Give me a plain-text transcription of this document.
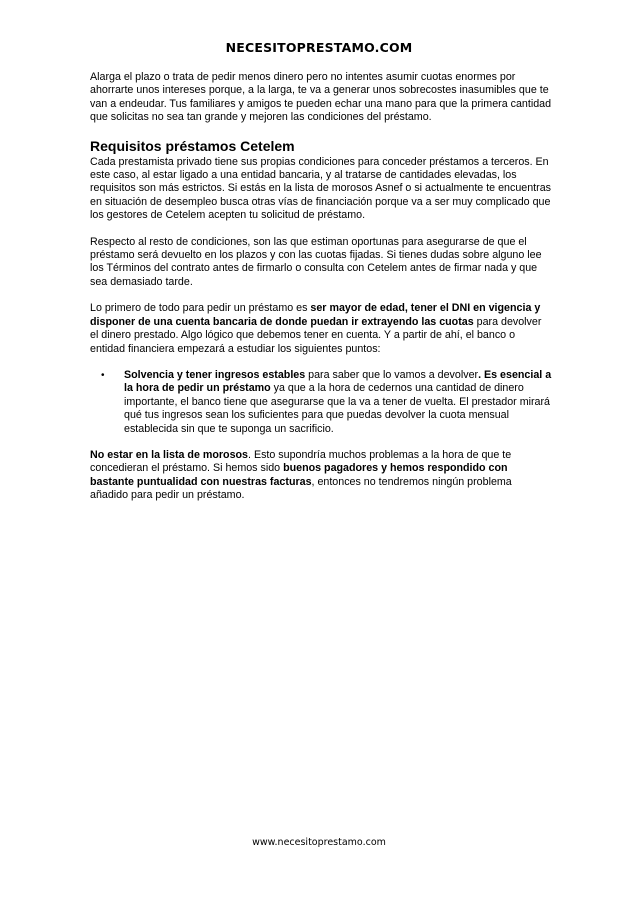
NECESITOPRESTAMO.COM

Alarga el plazo o trata de pedir menos dinero pero no intentes asumir cuotas enormes por ahorrarte unos intereses porque, a la larga, te va a generar unos sobrecostes inasumibles que te van a endeudar. Tus familiares y amigos te pueden echar una mano para que la primera cantidad que solicitas no sea tan grande y mejoren las condiciones del préstamo.

Requisitos préstamos Cetelem

Cada prestamista privado tiene sus propias condiciones para conceder préstamos a terceros. En este caso, al estar ligado a una entidad bancaria, y al tratarse de cantidades elevadas, los requisitos son más estrictos. Si estás en la lista de morosos Asnef o si actualmente te encuentras en situación de desempleo busca otras vías de financiación porque va a ser muy complicado que los gestores de Cetelem acepten tu solicitud de préstamo.

Respecto al resto de condiciones, son las que estiman oportunas para asegurarse de que el préstamo será devuelto en los plazos y con las cuotas fijadas. Si tienes dudas sobre alguno lee los Términos del contrato antes de firmarlo o consulta con Cetelem antes de firmar nada y que sea demasiado tarde.

Lo primero de todo para pedir un préstamo es ser mayor de edad, tener el DNI en vigencia y disponer de una cuenta bancaria de donde puedan ir extrayendo las cuotas para devolver el dinero prestado. Algo lógico que debemos tener en cuenta. Y a partir de ahí, el banco o entidad financiera empezará a estudiar los siguientes puntos:

• Solvencia y tener ingresos estables para saber que lo vamos a devolver. Es esencial a la hora de pedir un préstamo ya que a la hora de cedernos una cantidad de dinero importante, el banco tiene que asegurarse que la va a tener de vuelta. El prestador mirará qué tus ingresos sean los suficientes para que puedas devolver la cuota mensual establecida sin que te suponga un sacrificio.

No estar en la lista de morosos. Esto supondría muchos problemas a la hora de que te concedieran el préstamo. Si hemos sido buenos pagadores y hemos respondido con bastante puntualidad con nuestras facturas, entonces no tendremos ningún problema añadido para pedir un préstamo.

www.necesitoprestamo.com
